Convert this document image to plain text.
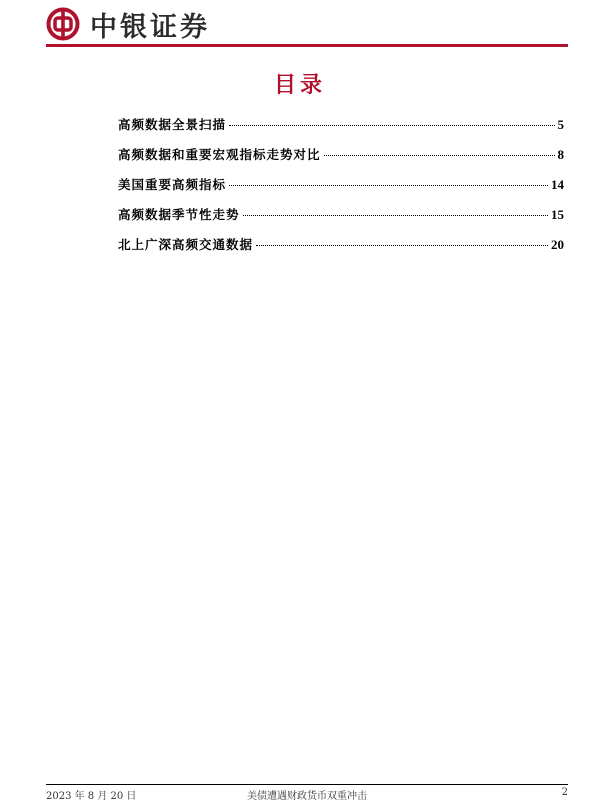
中银证券
目录
高频数据全景扫描	5
高频数据和重要宏观指标走势对比	8
美国重要高频指标	14
高频数据季节性走势	15
北上广深高频交通数据	20
2023 年 8 月 20 日	美债遭遇财政货币双重冲击	2
